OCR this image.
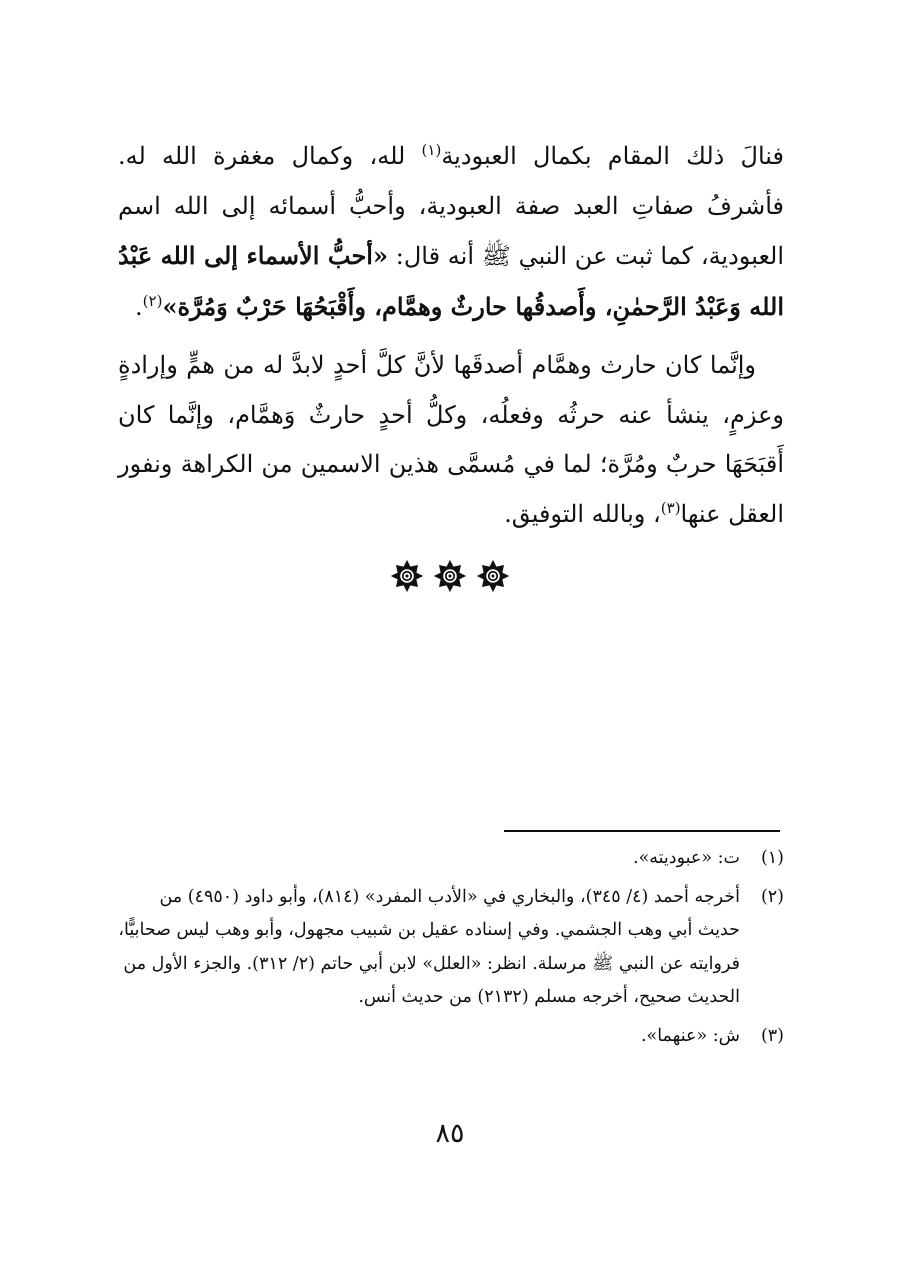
فنالَ ذلك المقام بكمال العبودية$^{(١)}$ لله، وكمال مغفرة الله له. فأشرفُ صفاتِ العبد صفة العبودية، وأحبُّ أسمائه إلى الله اسم العبودية، كما ثبت عن النبي ﷺ أنه قال: «أحبُّ الأسماء إلى الله عَبْدُ الله وَعَبْدُ الرَّحمٰنِ، وأَصدقُها حارثٌ وهمَّام، وأَقْبَحُهَا حَرْبٌ وَمُرَّة»$^{(٢)}$.

وإنَّما كان حارث وهمَّام أصدقَها لأنَّ كلَّ أحدٍ لابدَّ له من همٍّ وإرادةٍ وعزمٍ، ينشأ عنه حرثُه وفعلُه، وكلُّ أحدٍ حارثٌ وَهمَّام، وإنَّما كان أَقبَحَهَا حربٌ ومُرَّة؛ لما في مُسمَّى هذين الاسمين من الكراهة ونفور العقل عنها$^{(٣)}$، وبالله التوفيق.

(١)
ت: «عبوديته».
(٢)
أخرجه أحمد (٤/ ٣٤٥)، والبخاري في «الأدب المفرد» (٨١٤)، وأبو داود (٤٩٥٠) من حديث أبي وهب الجشمي. وفي إسناده عقيل بن شبيب مجهول، وأبو وهب ليس صحابيًّا، فروايته عن النبي ﷺ مرسلة. انظر: «العلل» لابن أبي حاتم (٢/ ٣١٢). والجزء الأول من الحديث صحيح، أخرجه مسلم (٢١٣٢) من حديث أنس.
(٣)
ش: «عنهما».
٨٥
